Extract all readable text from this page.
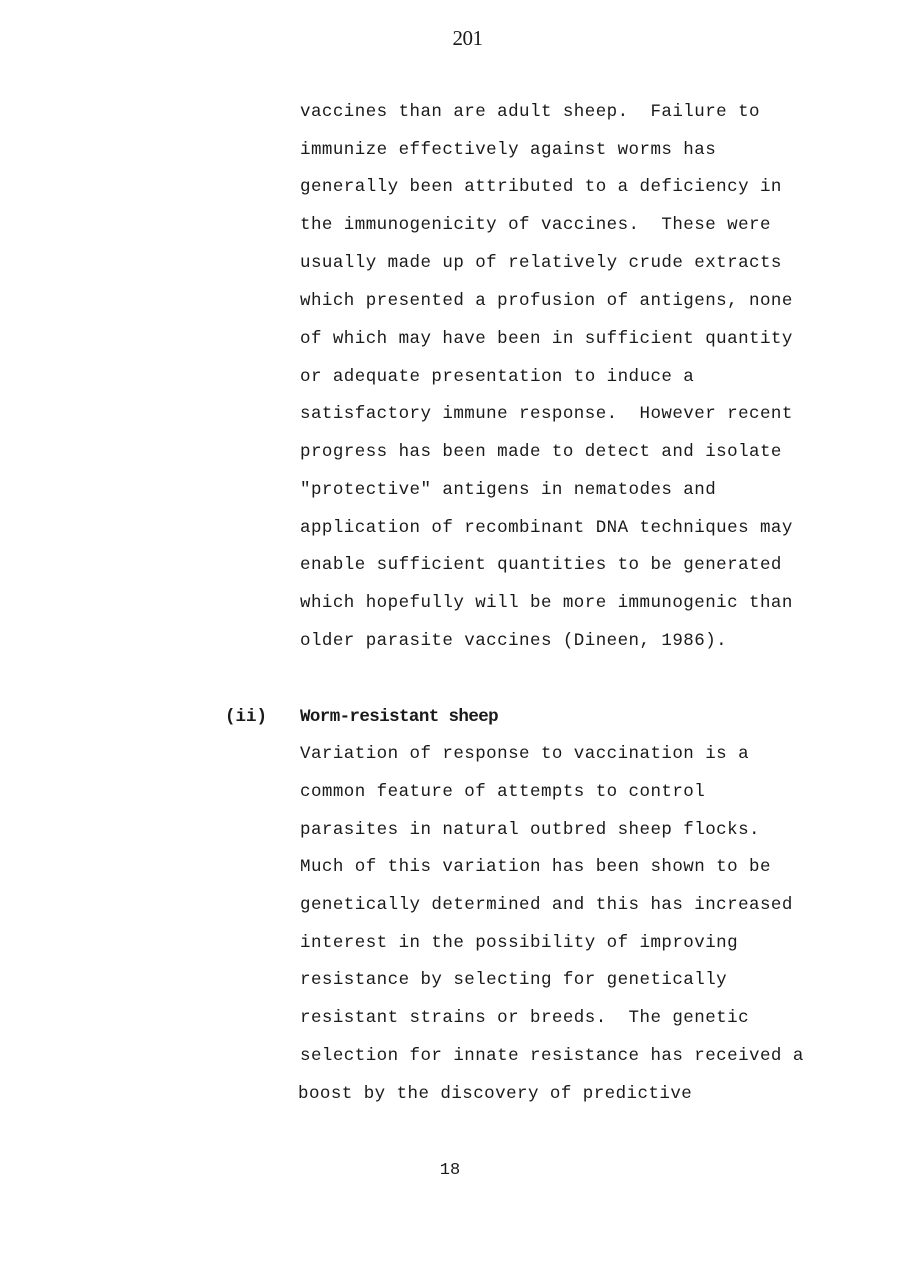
201
vaccines than are adult sheep.  Failure to
immunize effectively against worms has
generally been attributed to a deficiency in
the immunogenicity of vaccines.  These were
usually made up of relatively crude extracts
which presented a profusion of antigens, none
of which may have been in sufficient quantity
or adequate presentation to induce a
satisfactory immune response.  However recent
progress has been made to detect and isolate
"protective" antigens in nematodes and
application of recombinant DNA techniques may
enable sufficient quantities to be generated
which hopefully will be more immunogenic than
older parasite vaccines (Dineen, 1986).
(ii) Worm-resistant sheep
Variation of response to vaccination is a
common feature of attempts to control
parasites in natural outbred sheep flocks.
Much of this variation has been shown to be
genetically determined and this has increased
interest in the possibility of improving
resistance by selecting for genetically
resistant strains or breeds.  The genetic
selection for innate resistance has received a
boost by the discovery of predictive
18
